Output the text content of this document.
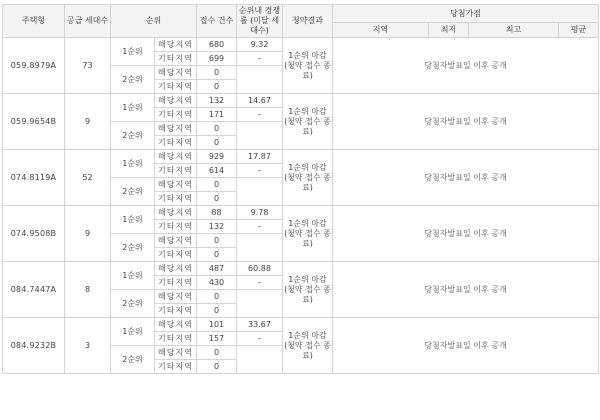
주택형	공급 세대수	순위		접수 건수	순위내 경쟁률 (미달 세대수)	청약결과	당첨가점			
							지역	최저	최고	평균
059.8979A	73	1순위	해당지역	680	9.32	1순위 마감 (청약 접수 종료)	당첨자발표일 이후 공개			
			기타지역	699	-					
		2순위	해당지역	0						
			기타지역	0						
059.9654B	9	1순위	해당지역	132	14.67	1순위 마감 (청약 접수 종료)	당첨자발표일 이후 공개			
			기타지역	171	-					
		2순위	해당지역	0						
			기타지역	0						
074.8119A	52	1순위	해당지역	929	17.87	1순위 마감 (청약 접수 종료)	당첨자발표일 이후 공개			
			기타지역	614	-					
		2순위	해당지역	0						
			기타지역	0						
074.9508B	9	1순위	해당지역	88	9.78	1순위 마감 (청약 접수 종료)	당첨자발표일 이후 공개			
			기타지역	132	-					
		2순위	해당지역	0						
			기타지역	0						
084.7447A	8	1순위	해당지역	487	60.88	1순위 마감 (청약 접수 종료)	당첨자발표일 이후 공개			
			기타지역	430	-					
		2순위	해당지역	0						
			기타지역	0						
084.9232B	3	1순위	해당지역	101	33.67	1순위 마감 (청약 접수 종료)	당첨자발표일 이후 공개			
			기타지역	157	-					
		2순위	해당지역	0						
			기타지역	0						
